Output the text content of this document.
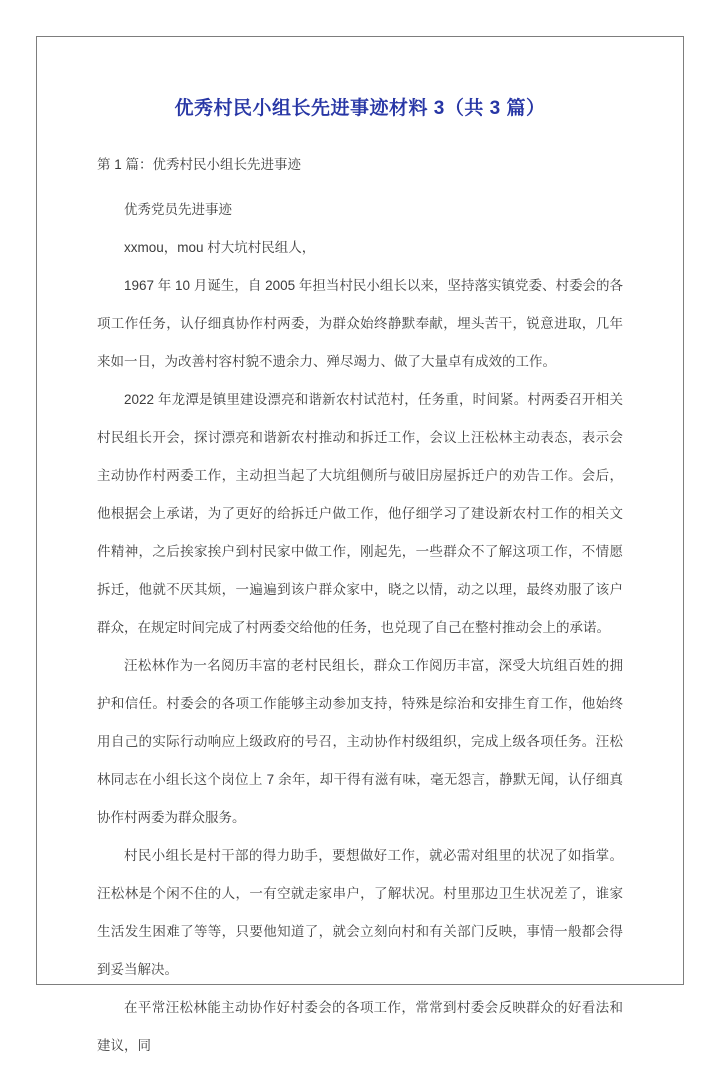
优秀村民小组长先进事迹材料 3（共 3 篇）

第 1 篇：优秀村民小组长先进事迹

优秀党员先进事迹

xxmou，mou 村大坑村民组人，

1967 年 10 月诞生，自 2005 年担当村民小组长以来，坚持落实镇党委、村委会的各项工作任务，认仔细真协作村两委，为群众始终静默奉献，埋头苦干，锐意进取，几年来如一日，为改善村容村貌不遗余力、殚尽竭力、做了大量卓有成效的工作。

2022 年龙潭是镇里建设漂亮和谐新农村试范村，任务重，时间紧。村两委召开相关村民组长开会，探讨漂亮和谐新农村推动和拆迁工作，会议上汪松林主动表态，表示会主动协作村两委工作，主动担当起了大坑组侧所与破旧房屋拆迁户的劝告工作。会后，他根据会上承诺，为了更好的给拆迁户做工作，他仔细学习了建设新农村工作的相关文件精神，之后挨家挨户到村民家中做工作，刚起先，一些群众不了解这项工作，不情愿拆迁，他就不厌其烦，一遍遍到该户群众家中，晓之以情，动之以理，最终劝服了该户群众，在规定时间完成了村两委交给他的任务，也兑现了自己在整村推动会上的承诺。

汪松林作为一名阅历丰富的老村民组长，群众工作阅历丰富，深受大坑组百姓的拥护和信任。村委会的各项工作能够主动参加支持，特殊是综治和安排生育工作，他始终用自己的实际行动响应上级政府的号召，主动协作村级组织，完成上级各项任务。汪松林同志在小组长这个岗位上 7 余年，却干得有滋有味，毫无怨言，静默无闻，认仔细真协作村两委为群众服务。

村民小组长是村干部的得力助手，要想做好工作，就必需对组里的状况了如指掌。汪松林是个闲不住的人，一有空就走家串户，了解状况。村里那边卫生状况差了，谁家生活发生困难了等等，只要他知道了，就会立刻向村和有关部门反映，事情一般都会得到妥当解决。

在平常汪松林能主动协作好村委会的各项工作，常常到村委会反映群众的好看法和建议，同
